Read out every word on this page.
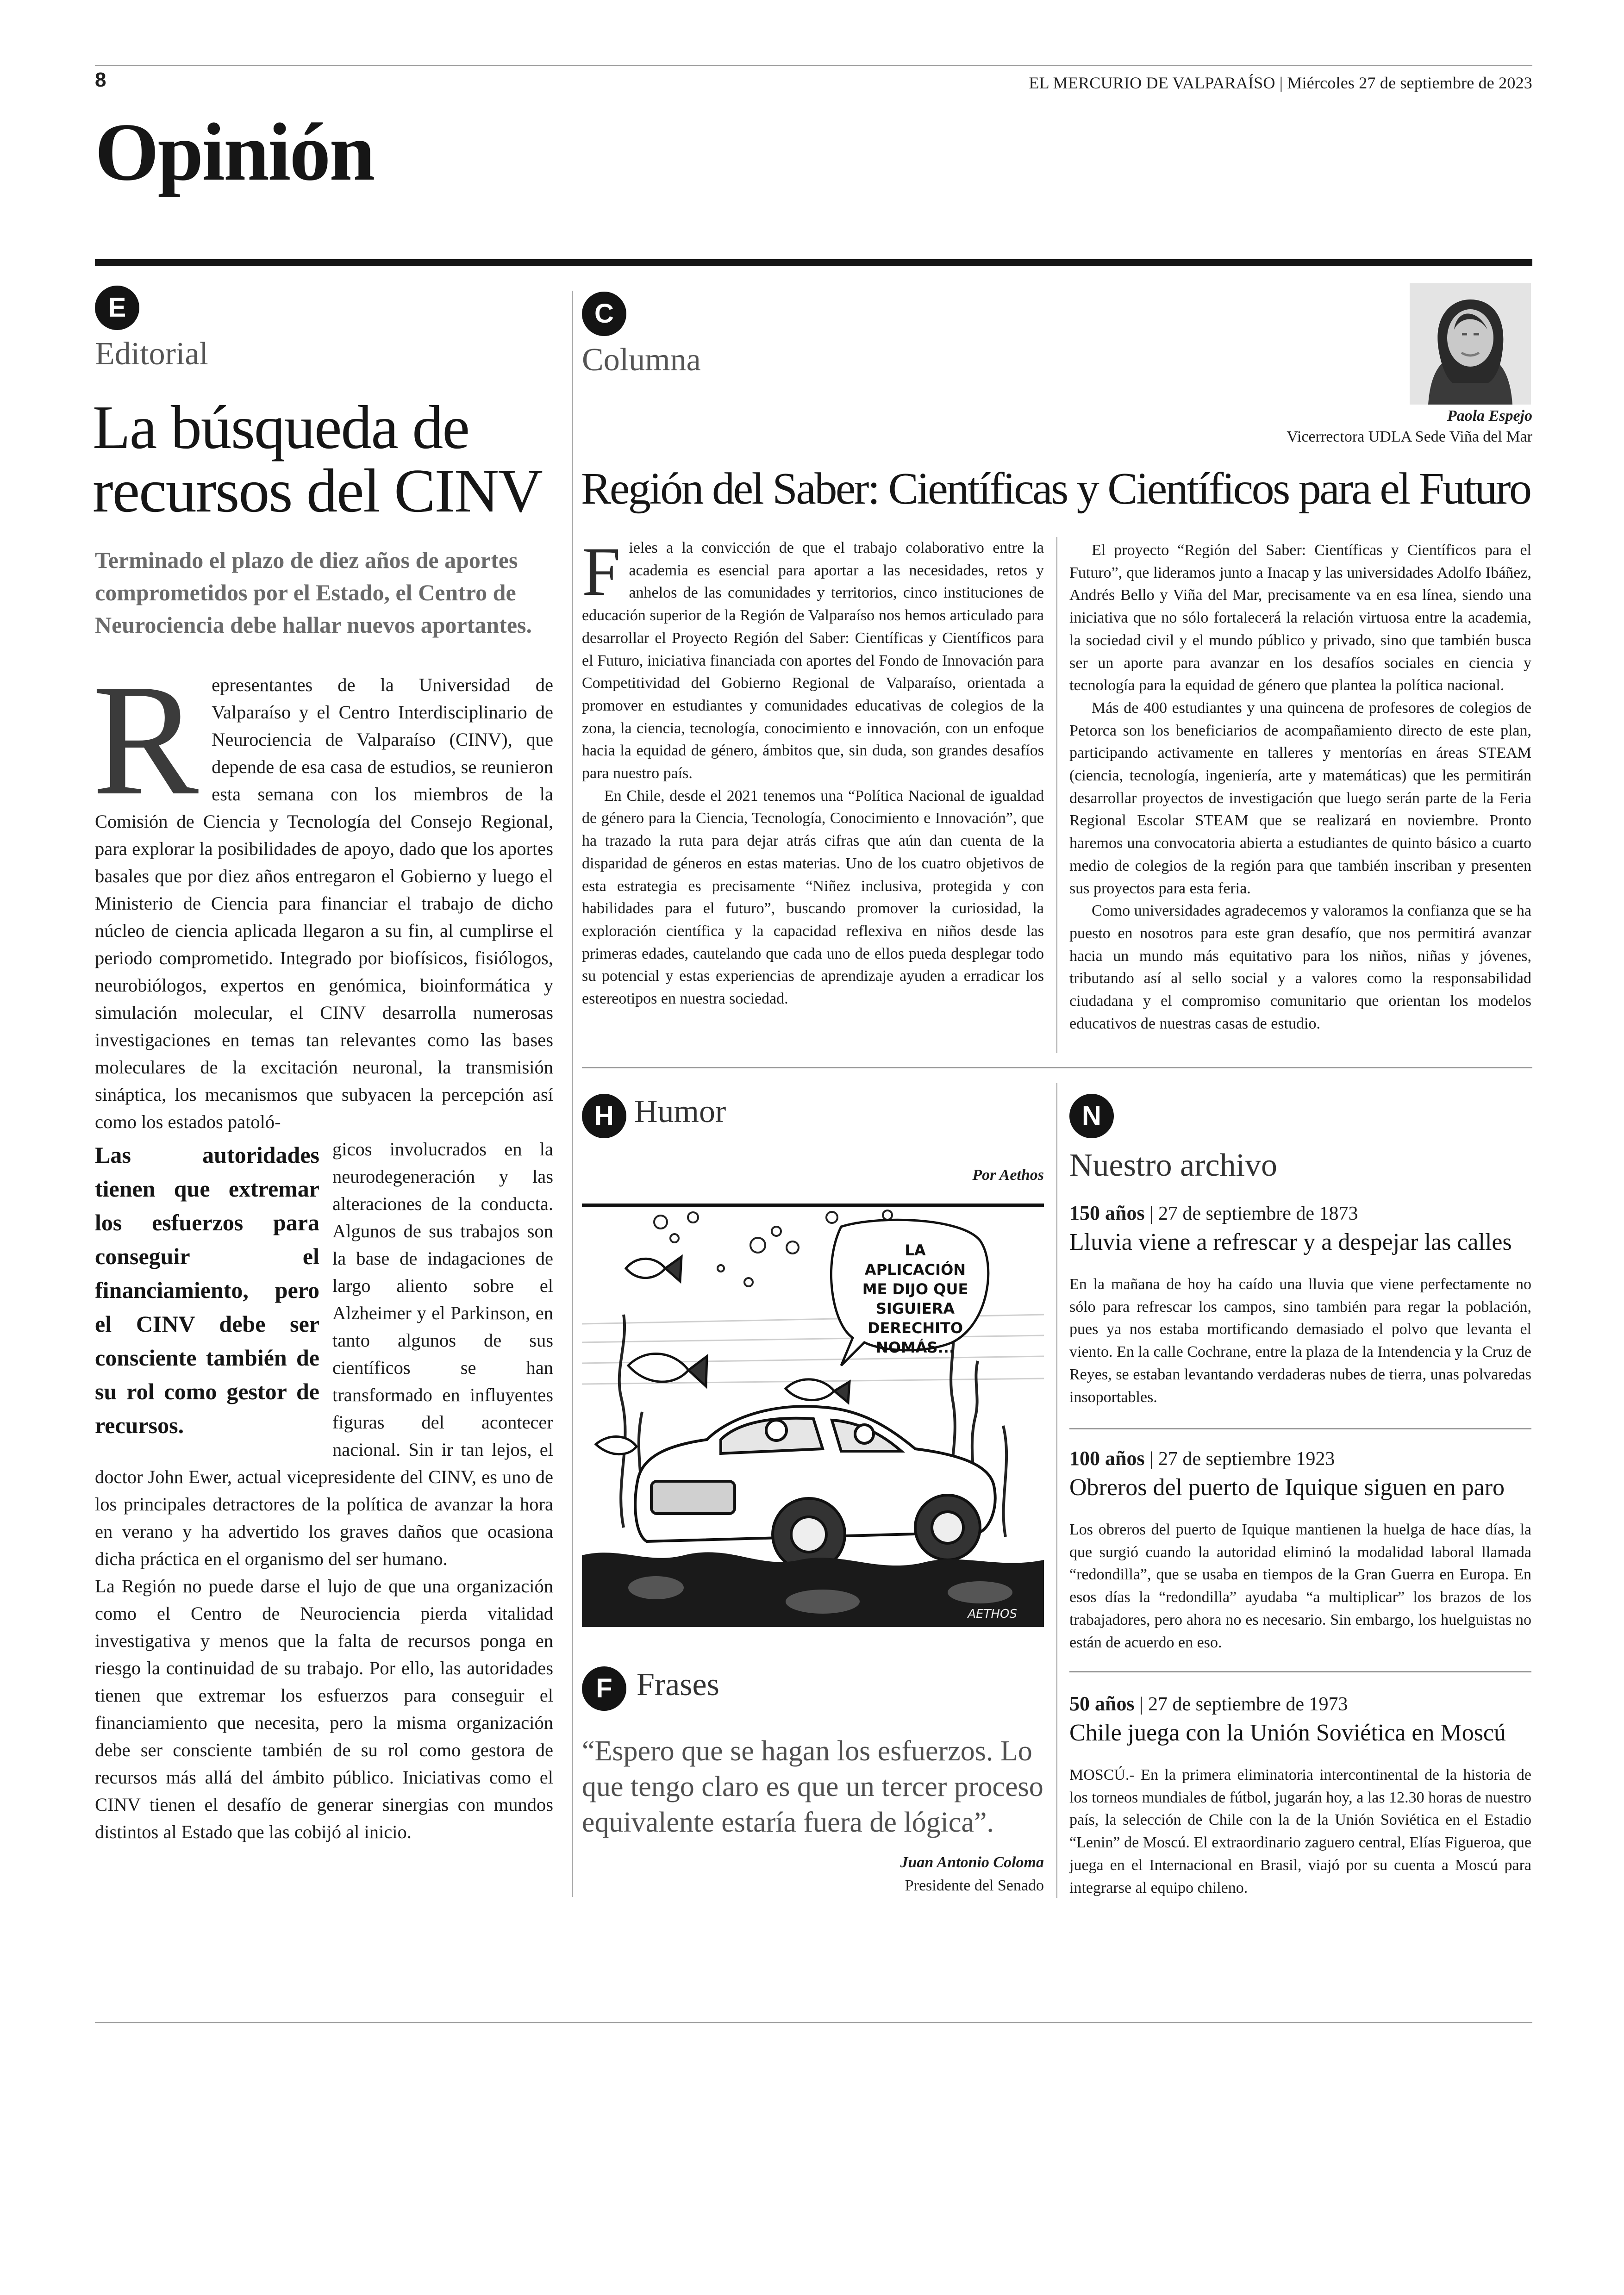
8	EL MERCURIO DE VALPARAÍSO | Miércoles 27 de septiembre de 2023
Opinión
E
Editorial
La búsqueda de
recursos del CINV
Terminado el plazo de diez años de aportes comprometidos por el Estado, el Centro de Neurociencia debe hallar nuevos aportantes.
Representantes de la Universidad de Valparaíso y el Centro Interdisciplinario de Neurociencia de Valparaíso (CINV), que depende de esa casa de estudios, se reunieron esta semana con los miembros de la Comisión de Ciencia y Tecnología del Consejo Regional, para explorar la posibilidades de apoyo, dado que los aportes basales que por diez años entregaron el Gobierno y luego el Ministerio de Ciencia para financiar el trabajo de dicho núcleo de ciencia aplicada llegaron a su fin, al cumplirse el periodo comprometido. Integrado por biofísicos, fisiólogos, neurobiólogos, expertos en genómica, bioinformática y simulación molecular, el CINV desarrolla numerosas investigaciones en temas tan relevantes como las bases moleculares de la excitación neuronal, la transmisión sináptica, los mecanismos que subyacen la percepción así como los estados patoló-
Las autoridades tienen que extremar los esfuerzos para conseguir el financiamiento, pero el CINV debe ser consciente también de su rol como gestor de recursos.
gicos involucrados en la neurodegeneración y las alteraciones de la conducta. Algunos de sus trabajos son la base de indagaciones de largo aliento sobre el Alzheimer y el Parkinson, en tanto algunos de sus científicos se han transformado en influyentes figuras del acontecer nacional. Sin ir tan lejos, el doctor John Ewer, actual vicepresidente del CINV, es uno de los principales detractores de la política de avanzar la hora en verano y ha advertido los graves daños que ocasiona dicha práctica en el organismo del ser humano.
La Región no puede darse el lujo de que una organización como el Centro de Neurociencia pierda vitalidad investigativa y menos que la falta de recursos ponga en riesgo la continuidad de su trabajo. Por ello, las autoridades tienen que extremar los esfuerzos para conseguir el financiamiento que necesita, pero la misma organización debe ser consciente también de su rol como gestora de recursos más allá del ámbito público. Iniciativas como el CINV tienen el desafío de generar sinergias con mundos distintos al Estado que las cobijó al inicio.
C
Columna
Paola Espejo
Vicerrectora UDLA Sede Viña del Mar
Región del Saber: Científicas y Científicos para el Futuro
Fieles a la convicción de que el trabajo colaborativo entre la academia es esencial para aportar a las necesidades, retos y anhelos de las comunidades y territorios, cinco instituciones de educación superior de la Región de Valparaíso nos hemos articulado para desarrollar el Proyecto Región del Saber: Científicas y Científicos para el Futuro, iniciativa financiada con aportes del Fondo de Innovación para Competitividad del Gobierno Regional de Valparaíso, orientada a promover en estudiantes y comunidades educativas de colegios de la zona, la ciencia, tecnología, conocimiento e innovación, con un enfoque hacia la equidad de género, ámbitos que, sin duda, son grandes desafíos para nuestro país.
En Chile, desde el 2021 tenemos una “Política Nacional de igualdad de género para la Ciencia, Tecnología, Conocimiento e Innovación”, que ha trazado la ruta para dejar atrás cifras que aún dan cuenta de la disparidad de géneros en estas materias. Uno de los cuatro objetivos de esta estrategia es precisamente “Niñez inclusiva, protegida y con habilidades para el futuro”, buscando promover la curiosidad, la exploración científica y la capacidad reflexiva en niños desde las primeras edades, cautelando que cada uno de ellos pueda desplegar todo su potencial y estas experiencias de aprendizaje ayuden a erradicar los estereotipos en nuestra sociedad.
El proyecto “Región del Saber: Científicas y Científicos para el Futuro”, que lideramos junto a Inacap y las universidades Adolfo Ibáñez, Andrés Bello y Viña del Mar, precisamente va en esa línea, siendo una iniciativa que no sólo fortalecerá la relación virtuosa entre la academia, la sociedad civil y el mundo público y privado, sino que también busca ser un aporte para avanzar en los desafíos sociales en ciencia y tecnología para la equidad de género que plantea la política nacional.
Más de 400 estudiantes y una quincena de profesores de colegios de Petorca son los beneficiarios de acompañamiento directo de este plan, participando activamente en talleres y mentorías en áreas STEAM (ciencia, tecnología, ingeniería, arte y matemáticas) que les permitirán desarrollar proyectos de investigación que luego serán parte de la Feria Regional Escolar STEAM que se realizará en noviembre. Pronto haremos una convocatoria abierta a estudiantes de quinto básico a cuarto medio de colegios de la región para que también inscriban y presenten sus proyectos para esta feria.
Como universidades agradecemos y valoramos la confianza que se ha puesto en nosotros para este gran desafío, que nos permitirá avanzar hacia un mundo más equitativo para los niños, niñas y jóvenes, tributando así al sello social y a valores como la responsabilidad ciudadana y el compromiso comunitario que orientan los modelos educativos de nuestras casas de estudio.
H Humor
Por Aethos
LA APLICACIÓN ME DIJO QUE SIGUIERA DERECHITO NOMÁS...
AETHOS
F Frases
“Espero que se hagan los esfuerzos. Lo que tengo claro es que un tercer proceso equivalente estaría fuera de lógica”.
Juan Antonio Coloma
Presidente del Senado
N
Nuestro archivo
150 años | 27 de septiembre de 1873
Lluvia viene a refrescar y a despejar las calles
En la mañana de hoy ha caído una lluvia que viene perfectamente no sólo para refrescar los campos, sino también para regar la población, pues ya nos estaba mortificando demasiado el polvo que levanta el viento. En la calle Cochrane, entre la plaza de la Intendencia y la Cruz de Reyes, se estaban levantando verdaderas nubes de tierra, unas polvaredas insoportables.
100 años | 27 de septiembre 1923
Obreros del puerto de Iquique siguen en paro
Los obreros del puerto de Iquique mantienen la huelga de hace días, la que surgió cuando la autoridad eliminó la modalidad laboral llamada “redondilla”, que se usaba en tiempos de la Gran Guerra en Europa. En esos días la “redondilla” ayudaba “a multiplicar” los brazos de los trabajadores, pero ahora no es necesario. Sin embargo, los huelguistas no están de acuerdo en eso.
50 años | 27 de septiembre de 1973
Chile juega con la Unión Soviética en Moscú
MOSCÚ.- En la primera eliminatoria intercontinental de la historia de los torneos mundiales de fútbol, jugarán hoy, a las 12.30 horas de nuestro país, la selección de Chile con la de la Unión Soviética en el Estadio “Lenin” de Moscú. El extraordinario zaguero central, Elías Figueroa, que juega en el Internacional en Brasil, viajó por su cuenta a Moscú para integrarse al equipo chileno.
